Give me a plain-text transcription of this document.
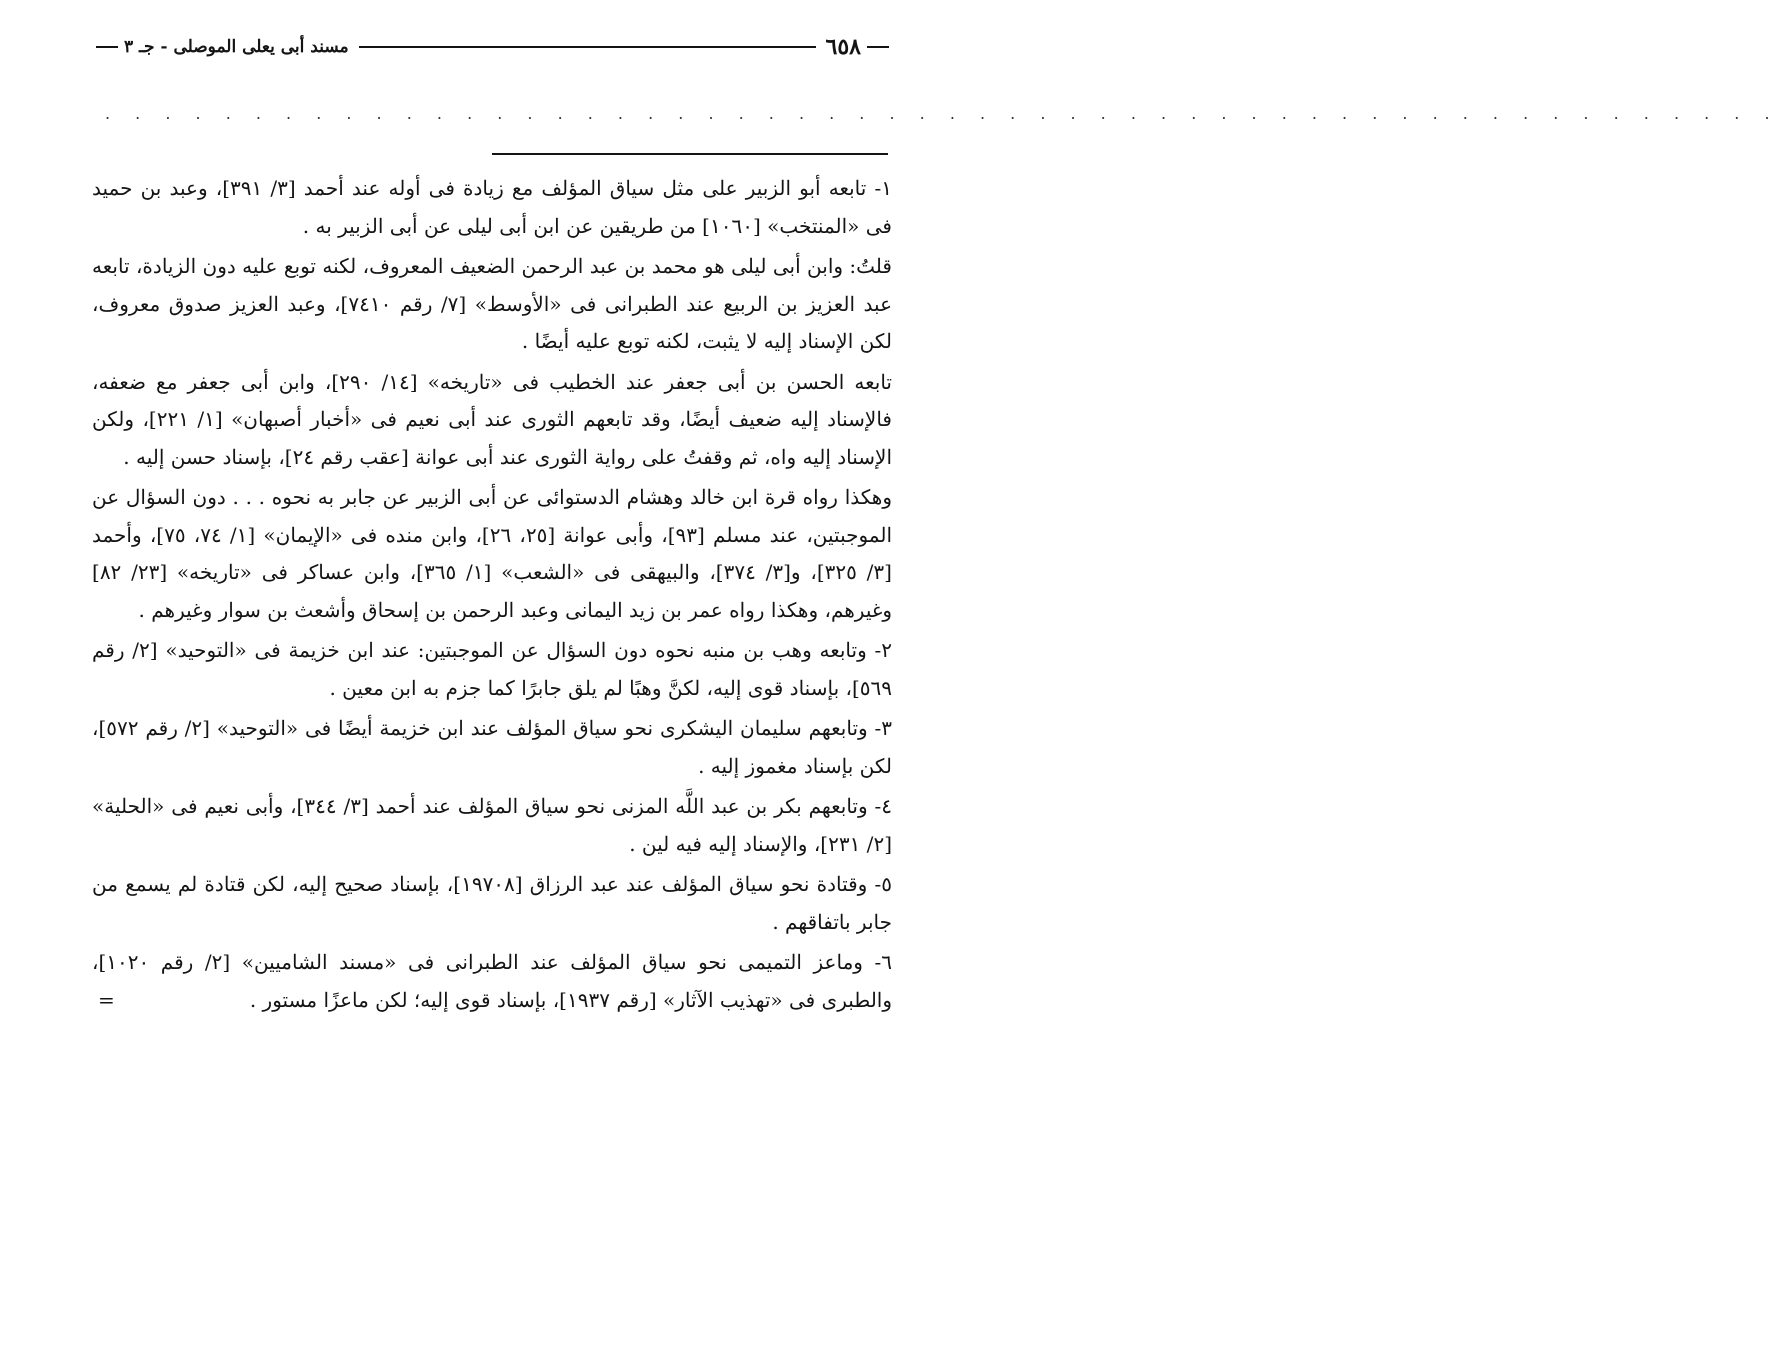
٦٥٨
مسند أبى يعلى الموصلى - جـ ٣
. . . . . . . . . . . . . . . . . . . . . . . . . . . . . . . . . . . . . . . . . . . . . . . . . . . . . . . .

١- تابعه أبو الزبير على مثل سياق المؤلف مع زيادة فى أوله عند أحمد [٣/ ٣٩١]، وعبد بن حميد فى «المنتخب» [١٠٦٠] من طريقين عن ابن أبى ليلى عن أبى الزبير به .

قلتُ: وابن أبى ليلى هو محمد بن عبد الرحمن الضعيف المعروف، لكنه توبع عليه دون الزيادة، تابعه عبد العزيز بن الربيع عند الطبرانى فى «الأوسط» [٧/ رقم ٧٤١٠]، وعبد العزيز صدوق معروف، لكن الإسناد إليه لا يثبت، لكنه توبع عليه أيضًا .

تابعه الحسن بن أبى جعفر عند الخطيب فى «تاريخه» [١٤/ ٢٩٠]، وابن أبى جعفر مع ضعفه، فالإسناد إليه ضعيف أيضًا، وقد تابعهم الثورى عند أبى نعيم فى «أخبار أصبهان» [١/ ٢٢١]، ولكن الإسناد إليه واه، ثم وقفتُ على رواية الثورى عند أبى عوانة [عقب رقم ٢٤]، بإسناد حسن إليه .

وهكذا رواه قرة ابن خالد وهشام الدستوائى عن أبى الزبير عن جابر به نحوه . . . دون السؤال عن الموجبتين، عند مسلم [٩٣]، وأبى عوانة [٢٥، ٢٦]، وابن منده فى «الإيمان» [١/ ٧٤، ٧٥]، وأحمد [٣/ ٣٢٥]، و[٣/ ٣٧٤]، والبيهقى فى «الشعب» [١/ ٣٦٥]، وابن عساكر فى «تاريخه» [٢٣/ ٨٢] وغيرهم، وهكذا رواه عمر بن زيد اليمانى وعبد الرحمن بن إسحاق وأشعث بن سوار وغيرهم .

٢- وتابعه وهب بن منبه نحوه دون السؤال عن الموجبتين: عند ابن خزيمة فى «التوحيد» [٢/ رقم ٥٦٩]، بإسناد قوى إليه، لكنَّ وهبًا لم يلق جابرًا كما جزم به ابن معين .

٣- وتابعهم سليمان اليشكرى نحو سياق المؤلف عند ابن خزيمة أيضًا فى «التوحيد» [٢/ رقم ٥٧٢]، لكن بإسناد مغموز إليه .

٤- وتابعهم بكر بن عبد اللَّه المزنى نحو سياق المؤلف عند أحمد [٣/ ٣٤٤]، وأبى نعيم فى «الحلية» [٢/ ٢٣١]، والإسناد إليه فيه لين .

٥- وقتادة نحو سياق المؤلف عند عبد الرزاق [١٩٧٠٨]، بإسناد صحيح إليه، لكن قتادة لم يسمع من جابر باتفاقهم .

٦- وماعز التميمى نحو سياق المؤلف عند الطبرانى فى «مسند الشاميين» [٢/ رقم ١٠٢٠]، والطبرى فى «تهذيب الآثار» [رقم ١٩٣٧]، بإسناد قوى إليه؛ لكن ماعزًا مستور .

=
